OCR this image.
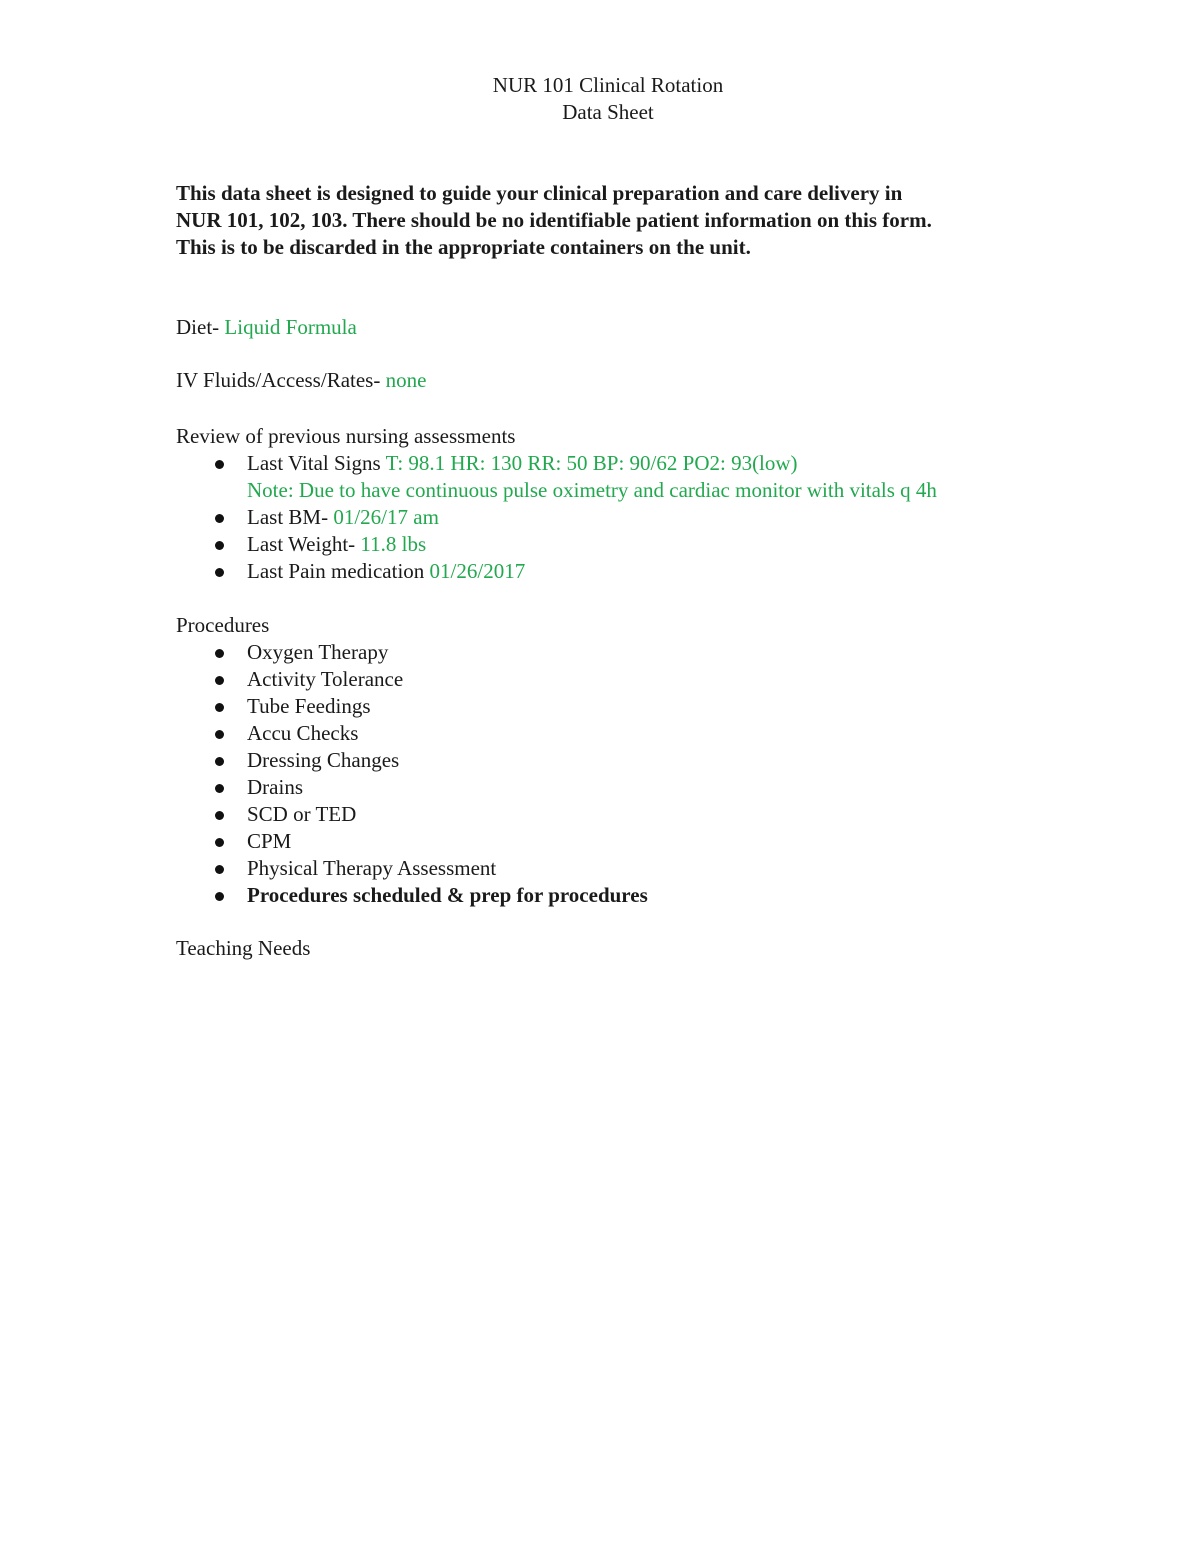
NUR 101 Clinical Rotation
Data Sheet
This data sheet is designed to guide your clinical preparation and care delivery in
NUR 101, 102, 103. There should be no identifiable patient information on this form.
This is to be discarded in the appropriate containers on the unit.

Diet- Liquid Formula

IV Fluids/Access/Rates- none

Review of previous nursing assessments

Last Vital Signs T: 98.1 HR: 130 RR: 50 BP: 90/62 PO2: 93(low)
Note: Due to have continuous pulse oximetry and cardiac monitor with vitals q 4h
Last BM- 01/26/17 am
Last Weight- 11.8 lbs
Last Pain medication 01/26/2017

Procedures

Oxygen Therapy
Activity Tolerance
Tube Feedings
Accu Checks
Dressing Changes
Drains
SCD or TED
CPM
Physical Therapy Assessment
Procedures scheduled & prep for procedures

Teaching Needs
